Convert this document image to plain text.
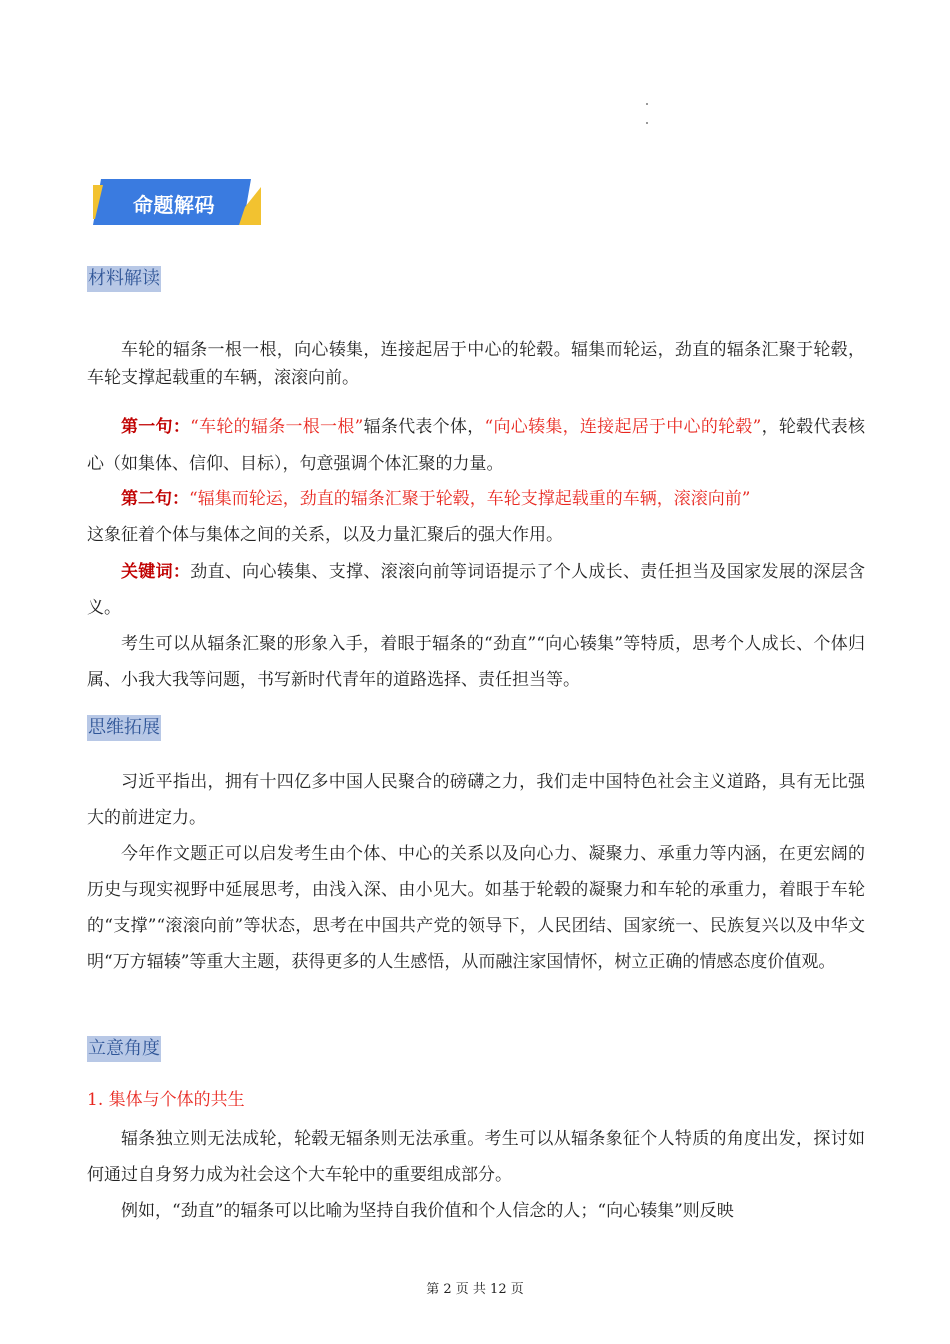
命题解码
材料解读

车轮的辐条一根一根，向心辏集，连接起居于中心的轮毂。辐集而轮运，劲直的辐条汇聚于轮毂，车轮支撑起载重的车辆，滚滚向前。

第一句：“车轮的辐条一根一根”辐条代表个体，“向心辏集，连接起居于中心的轮毂”，轮毂代表核心（如集体、信仰、目标），句意强调个体汇聚的力量。

第二句：“辐集而轮运，劲直的辐条汇聚于轮毂，车轮支撑起载重的车辆，滚滚向前”
这象征着个体与集体之间的关系，以及力量汇聚后的强大作用。

关键词：劲直、向心辏集、支撑、滚滚向前等词语提示了个人成长、责任担当及国家发展的深层含义。

考生可以从辐条汇聚的形象入手，着眼于辐条的“劲直”“向心辏集”等特质，思考个人成长、个体归属、小我大我等问题，书写新时代青年的道路选择、责任担当等。

思维拓展

习近平指出，拥有十四亿多中国人民聚合的磅礴之力，我们走中国特色社会主义道路，具有无比强大的前进定力。

今年作文题正可以启发考生由个体、中心的关系以及向心力、凝聚力、承重力等内涵，在更宏阔的历史与现实视野中延展思考，由浅入深、由小见大。如基于轮毂的凝聚力和车轮的承重力，着眼于车轮的“支撑”“滚滚向前”等状态，思考在中国共产党的领导下，人民团结、国家统一、民族复兴以及中华文明“万方辐辏”等重大主题，获得更多的人生感悟，从而融注家国情怀，树立正确的情感态度价值观。

立意角度
1. 集体与个体的共生

辐条独立则无法成轮，轮毂无辐条则无法承重。考生可以从辐条象征个人特质的角度出发，探讨如何通过自身努力成为社会这个大车轮中的重要组成部分。

例如，“劲直”的辐条可以比喻为坚持自我价值和个人信念的人；“向心辏集”则反映

第 2 页 共 12 页
